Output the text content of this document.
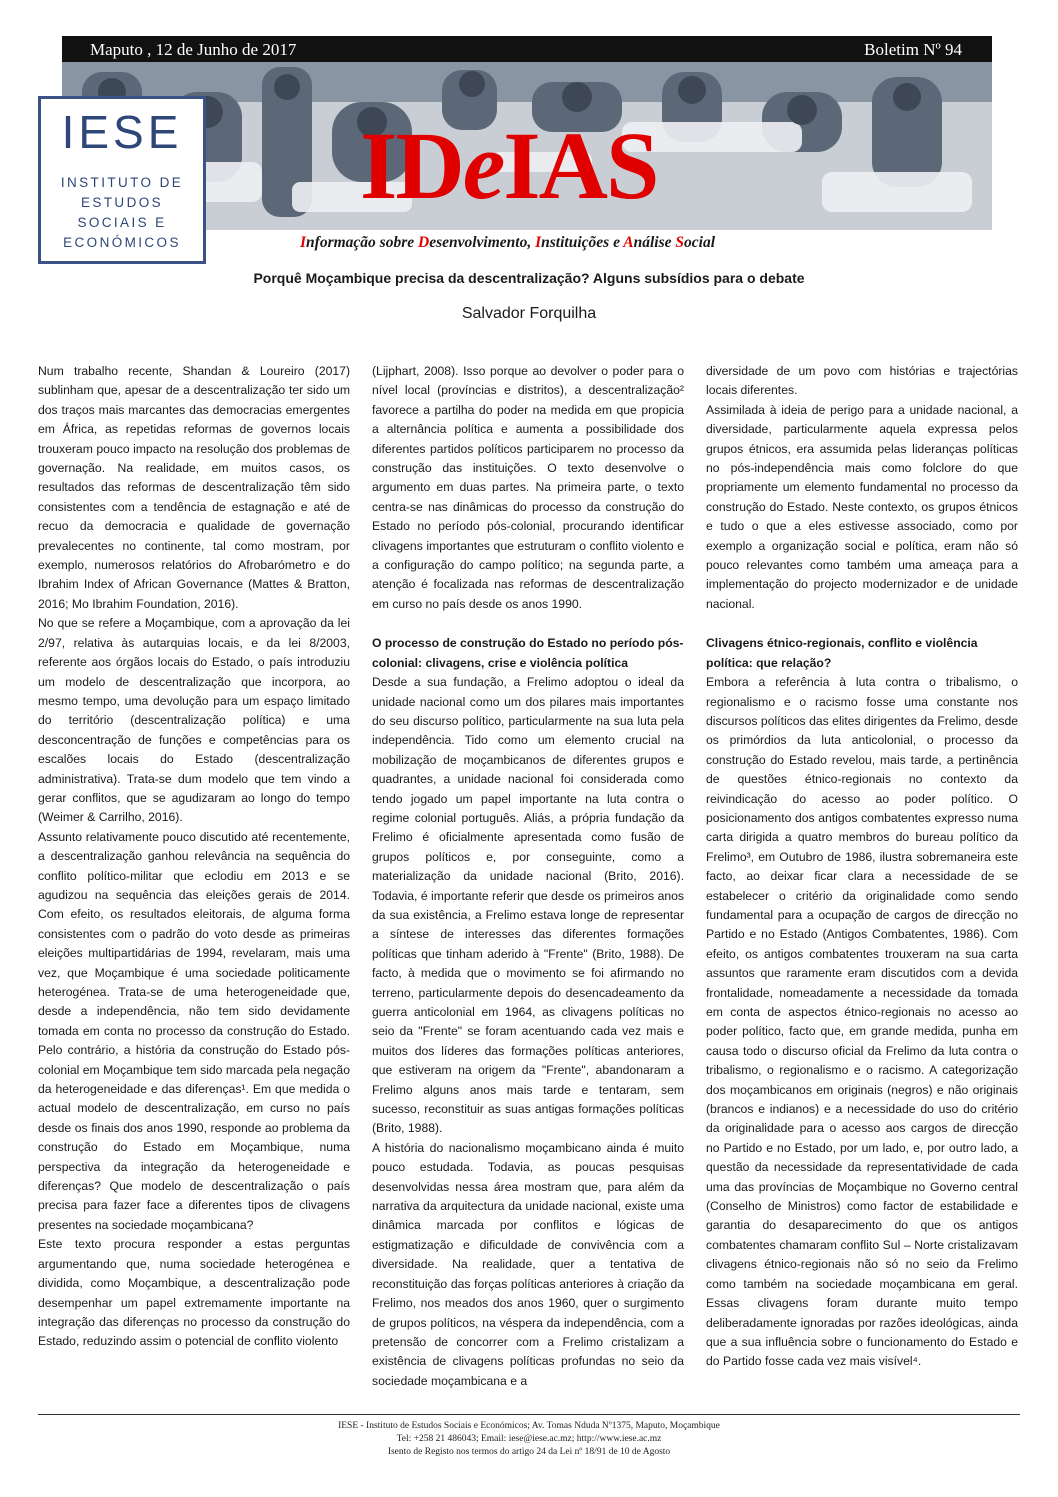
Maputo , 12 de Junho de 2017	Boletim Nº 94
IESE
INSTITUTO DE
ESTUDOS
SOCIAIS E
ECONÓMICOS
IDeIAS
Informação sobre Desenvolvimento, Instituições e Análise Social
Porquê Moçambique precisa da descentralização? Alguns subsídios para o debate
Salvador Forquilha

Num trabalho recente, Shandan & Loureiro (2017) sublinham que, apesar de a descentralização ter sido um dos traços mais marcantes das democracias emergentes em África, as repetidas reformas de governos locais trouxeram pouco impacto na resolução dos problemas de governação. Na realidade, em muitos casos, os resultados das reformas de descentralização têm sido consistentes com a tendência de estagnação e até de recuo da democracia e qualidade de governação prevalecentes no continente, tal como mostram, por exemplo, numerosos relatórios do Afrobarómetro e do Ibrahim Index of African Governance (Mattes & Bratton, 2016; Mo Ibrahim Foundation, 2016).

No que se refere a Moçambique, com a aprovação da lei 2/97, relativa às autarquias locais, e da lei 8/2003, referente aos órgãos locais do Estado, o país introduziu um modelo de descentralização que incorpora, ao mesmo tempo, uma devolução para um espaço limitado do território (descentralização política) e uma desconcentração de funções e competências para os escalões locais do Estado (descentralização administrativa). Trata-se dum modelo que tem vindo a gerar conflitos, que se agudizaram ao longo do tempo (Weimer & Carrilho, 2016).

Assunto relativamente pouco discutido até recentemente, a descentralização ganhou relevância na sequência do conflito político-militar que eclodiu em 2013 e se agudizou na sequência das eleições gerais de 2014. Com efeito, os resultados eleitorais, de alguma forma consistentes com o padrão do voto desde as primeiras eleições multipartidárias de 1994, revelaram, mais uma vez, que Moçambique é uma sociedade politicamente heterogénea. Trata-se de uma heterogeneidade que, desde a independência, não tem sido devidamente tomada em conta no processo da construção do Estado. Pelo contrário, a história da construção do Estado pós-colonial em Moçambique tem sido marcada pela negação da heterogeneidade e das diferenças¹. Em que medida o actual modelo de descentralização, em curso no país desde os finais dos anos 1990, responde ao problema da construção do Estado em Moçambique, numa perspectiva da integração da heterogeneidade e diferenças? Que modelo de descentralização o país precisa para fazer face a diferentes tipos de clivagens presentes na sociedade moçambicana?

Este texto procura responder a estas perguntas argumentando que, numa sociedade heterogénea e dividida, como Moçambique, a descentralização pode desempenhar um papel extremamente importante na integração das diferenças no processo da construção do Estado, reduzindo assim o potencial de conflito violento

(Lijphart, 2008). Isso porque ao devolver o poder para o nível local (províncias e distritos), a descentralização² favorece a partilha do poder na medida em que propicia a alternância política e aumenta a possibilidade dos diferentes partidos políticos participarem no processo da construção das instituições. O texto desenvolve o argumento em duas partes. Na primeira parte, o texto centra-se nas dinâmicas do processo da construção do Estado no período pós-colonial, procurando identificar clivagens importantes que estruturam o conflito violento e a configuração do campo político; na segunda parte, a atenção é focalizada nas reformas de descentralização em curso no país desde os anos 1990.

O processo de construção do Estado no período pós-colonial: clivagens, crise e violência política

Desde a sua fundação, a Frelimo adoptou o ideal da unidade nacional como um dos pilares mais importantes do seu discurso político, particularmente na sua luta pela independência. Tido como um elemento crucial na mobilização de moçambicanos de diferentes grupos e quadrantes, a unidade nacional foi considerada como tendo jogado um papel importante na luta contra o regime colonial português. Aliás, a própria fundação da Frelimo é oficialmente apresentada como fusão de grupos políticos e, por conseguinte, como a materialização da unidade nacional (Brito, 2016). Todavia, é importante referir que desde os primeiros anos da sua existência, a Frelimo estava longe de representar a síntese de interesses das diferentes formações políticas que tinham aderido à "Frente" (Brito, 1988). De facto, à medida que o movimento se foi afirmando no terreno, particularmente depois do desencadeamento da guerra anticolonial em 1964, as clivagens políticas no seio da "Frente" se foram acentuando cada vez mais e muitos dos líderes das formações políticas anteriores, que estiveram na origem da "Frente", abandonaram a Frelimo alguns anos mais tarde e tentaram, sem sucesso, reconstituir as suas antigas formações políticas (Brito, 1988).

A história do nacionalismo moçambicano ainda é muito pouco estudada. Todavia, as poucas pesquisas desenvolvidas nessa área mostram que, para além da narrativa da arquitectura da unidade nacional, existe uma dinâmica marcada por conflitos e lógicas de estigmatização e dificuldade de convivência com a diversidade. Na realidade, quer a tentativa de reconstituição das forças políticas anteriores à criação da Frelimo, nos meados dos anos 1960, quer o surgimento de grupos políticos, na véspera da independência, com a pretensão de concorrer com a Frelimo cristalizam a existência de clivagens políticas profundas no seio da sociedade moçambicana e a

diversidade de um povo com histórias e trajectórias locais diferentes.

Assimilada à ideia de perigo para a unidade nacional, a diversidade, particularmente aquela expressa pelos grupos étnicos, era assumida pelas lideranças políticas no pós-independência mais como folclore do que propriamente um elemento fundamental no processo da construção do Estado. Neste contexto, os grupos étnicos e tudo o que a eles estivesse associado, como por exemplo a organização social e política, eram não só pouco relevantes como também uma ameaça para a implementação do projecto modernizador e de unidade nacional.

Clivagens étnico-regionais, conflito e violência política: que relação?

Embora a referência à luta contra o tribalismo, o regionalismo e o racismo fosse uma constante nos discursos políticos das elites dirigentes da Frelimo, desde os primórdios da luta anticolonial, o processo da construção do Estado revelou, mais tarde, a pertinência de questões étnico-regionais no contexto da reivindicação do acesso ao poder político. O posicionamento dos antigos combatentes expresso numa carta dirigida a quatro membros do bureau político da Frelimo³, em Outubro de 1986, ilustra sobremaneira este facto, ao deixar ficar clara a necessidade de se estabelecer o critério da originalidade como sendo fundamental para a ocupação de cargos de direcção no Partido e no Estado (Antigos Combatentes, 1986). Com efeito, os antigos combatentes trouxeram na sua carta assuntos que raramente eram discutidos com a devida frontalidade, nomeadamente a necessidade da tomada em conta de aspectos étnico-regionais no acesso ao poder político, facto que, em grande medida, punha em causa todo o discurso oficial da Frelimo da luta contra o tribalismo, o regionalismo e o racismo. A categorização dos moçambicanos em originais (negros) e não originais (brancos e indianos) e a necessidade do uso do critério da originalidade para o acesso aos cargos de direcção no Partido e no Estado, por um lado, e, por outro lado, a questão da necessidade da representatividade de cada uma das províncias de Moçambique no Governo central (Conselho de Ministros) como factor de estabilidade e garantia do desaparecimento do que os antigos combatentes chamaram conflito Sul – Norte cristalizavam clivagens étnico-regionais não só no seio da Frelimo como também na sociedade moçambicana em geral. Essas clivagens foram durante muito tempo deliberadamente ignoradas por razões ideológicas, ainda que a sua influência sobre o funcionamento do Estado e do Partido fosse cada vez mais visível⁴.

IESE - Instituto de Estudos Sociais e Económicos; Av. Tomas Nduda Nº1375, Maputo, Moçambique
Tel: +258 21 486043; Email: iese@iese.ac.mz; http://www.iese.ac.mz
Isento de Registo nos termos do artigo 24 da Lei nº 18/91 de 10 de Agosto
